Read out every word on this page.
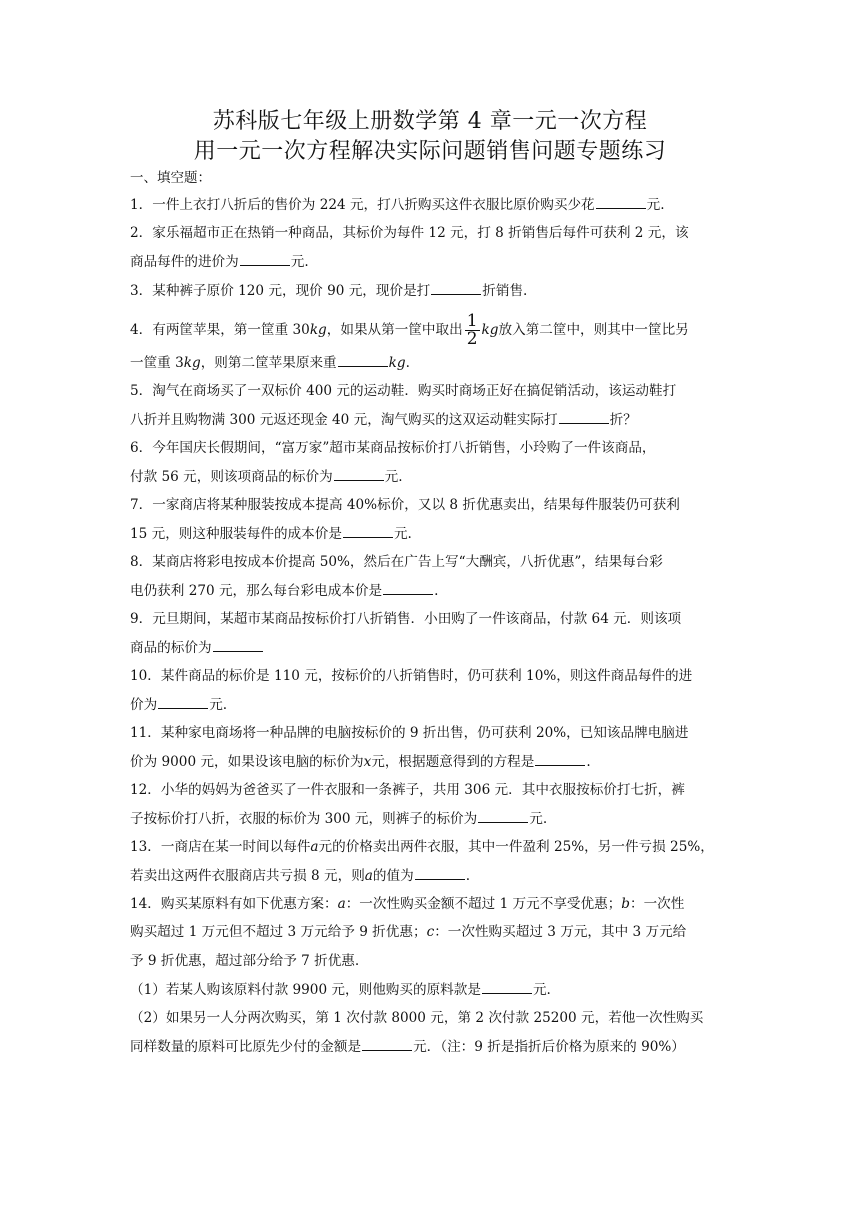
苏科版七年级上册数学第 4 章一元一次方程
用一元一次方程解决实际问题销售问题专题练习
一、填空题：
1．一件上衣打八折后的售价为 224 元，打八折购买这件衣服比原价购买少花	元.
2．家乐福超市正在热销一种商品，其标价为每件 12 元，打 8 折销售后每件可获利 2 元，该
商品每件的进价为	元.
3．某种裤子原价 120 元，现价 90 元，现价是打	折销售.
4．有两筐苹果，第一筐重 30 kg ，如果从第一筐中取出 $\frac{1}{2}$ kg 放入第二筐中，则其中一筐比另
一筐重 3kg，则第二筐苹果原来重	kg.
5．淘气在商场买了一双标价 400 元的运动鞋．购买时商场正好在搞促销活动，该运动鞋打
八折并且购物满 300 元返还现金 40 元，淘气购买的这双运动鞋实际打	折？
6．今年国庆长假期间，“富万家”超市某商品按标价打八折销售，小玲购了一件该商品，
付款 56 元，则该项商品的标价为	元.
7．一家商店将某种服装按成本提高 40%标价，又以 8 折优惠卖出，结果每件服装仍可获利
15 元，则这种服装每件的成本价是	元.
8．某商店将彩电按成本价提高 50%，然后在广告上写“大酬宾，八折优惠”，结果每台彩
电仍获利 270 元，那么每台彩电成本价是	.
9．元旦期间，某超市某商品按标价打八折销售．小田购了一件该商品，付款 64 元．则该项
商品的标价为
10．某件商品的标价是 110 元，按标价的八折销售时，仍可获利 10%，则这件商品每件的进
价为	元.
11．某种家电商场将一种品牌的电脑按标价的 9 折出售，仍可获利 20%，已知该品牌电脑进
价为 9000 元，如果设该电脑的标价为x元，根据题意得到的方程是	.
12．小华的妈妈为爸爸买了一件衣服和一条裤子，共用 306 元．其中衣服按标价打七折，裤
子按标价打八折，衣服的标价为 300 元，则裤子的标价为	元.
13．一商店在某一时间以每件a元的价格卖出两件衣服，其中一件盈利 25%，另一件亏损 25%，
若卖出这两件衣服商店共亏损 8 元，则a的值为	.
14．购买某原料有如下优惠方案：a：一次性购买金额不超过 1 万元不享受优惠；b：一次性
购买超过 1 万元但不超过 3 万元给予 9 折优惠；c：一次性购买超过 3 万元，其中 3 万元给
予 9 折优惠，超过部分给予 7 折优惠.
（1）若某人购该原料付款 9900 元，则他购买的原料款是	元.
（2）如果另一人分两次购买，第 1 次付款 8000 元，第 2 次付款 25200 元，若他一次性购买
同样数量的原料可比原先少付的金额是	元．（注：9 折是指折后价格为原来的 90%）
